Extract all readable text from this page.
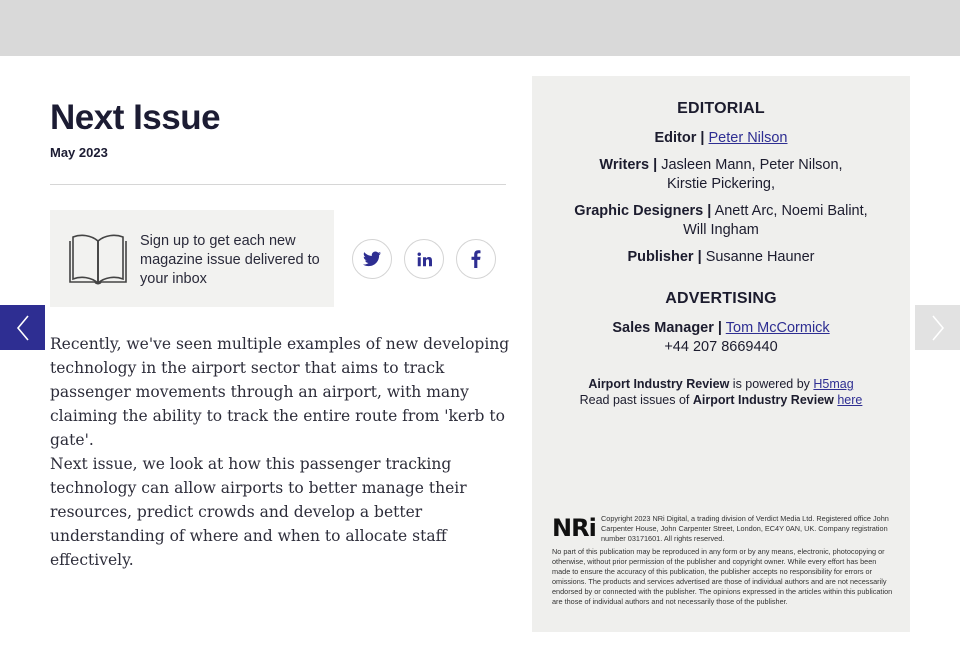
Next Issue
May 2023
Sign up to get each new magazine issue delivered to your inbox

Recently, we've seen multiple examples of new developing technology in the airport sector that aims to track passenger movements through an airport, with many claiming the ability to track the entire route from 'kerb to gate'.

Next issue, we look at how this passenger tracking technology can allow airports to better manage their resources, predict crowds and develop a better understanding of where and when to allocate staff effectively.

EDITORIAL
Editor | Peter Nilson
Writers | Jasleen Mann, Peter Nilson,
Kirstie Pickering,
Graphic Designers | Anett Arc, Noemi Balint,
Will Ingham
Publisher | Susanne Hauner
ADVERTISING
Sales Manager | Tom McCormick
+44 207 8669440
Airport Industry Review is powered by H5mag
Read past issues of Airport Industry Review here
NRi Copyright 2023 NRi Digital, a trading division of Verdict Media Ltd. Registered office John Carpenter House, John Carpenter Street, London, EC4Y 0AN, UK. Company registration number 03171601. All rights reserved.
No part of this publication may be reproduced in any form or by any means, electronic, photocopying or otherwise, without prior permission of the publisher and copyright owner. While every effort has been made to ensure the accuracy of this publication, the publisher accepts no responsibility for errors or omissions. The products and services advertised are those of individual authors and are not necessarily endorsed by or connected with the publisher. The opinions expressed in the articles within this publication are those of individual authors and not necessarily those of the publisher.
